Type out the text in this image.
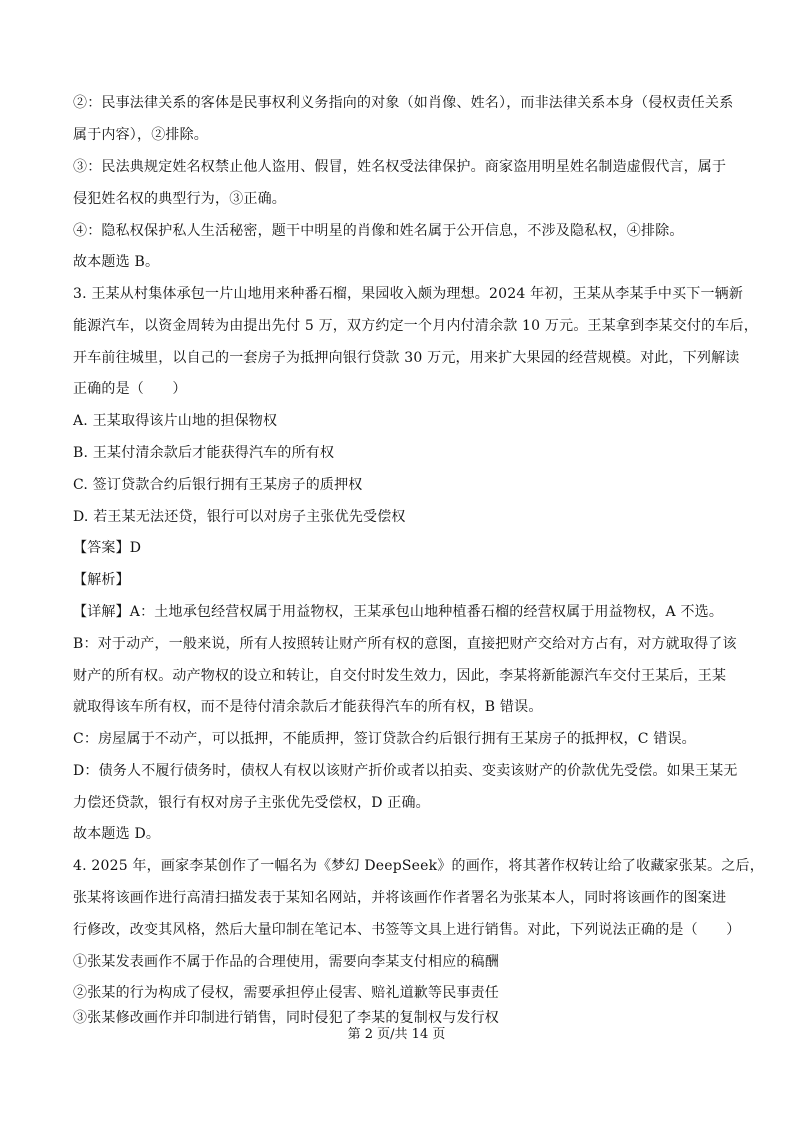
②：民事法律关系的客体是民事权利义务指向的对象（如肖像、姓名），而非法律关系本身（侵权责任关系
属于内容），②排除。
③：民法典规定姓名权禁止他人盗用、假冒，姓名权受法律保护。商家盗用明星姓名制造虚假代言，属于
侵犯姓名权的典型行为，③正确。
④：隐私权保护私人生活秘密，题干中明星的肖像和姓名属于公开信息，不涉及隐私权，④排除。
故本题选 B。
3. 王某从村集体承包一片山地用来种番石榴，果园收入颇为理想。2024 年初，王某从李某手中买下一辆新
能源汽车，以资金周转为由提出先付 5 万，双方约定一个月内付清余款 10 万元。王某拿到李某交付的车后，
开车前往城里，以自己的一套房子为抵押向银行贷款 30 万元，用来扩大果园的经营规模。对此，下列解读
正确的是（　　）
A. 王某取得该片山地的担保物权
B. 王某付清余款后才能获得汽车的所有权
C. 签订贷款合约后银行拥有王某房子的质押权
D. 若王某无法还贷，银行可以对房子主张优先受偿权
【答案】D
【解析】
【详解】A：土地承包经营权属于用益物权，王某承包山地种植番石榴的经营权属于用益物权，A 不选。
B：对于动产，一般来说，所有人按照转让财产所有权的意图，直接把财产交给对方占有，对方就取得了该
财产的所有权。动产物权的设立和转让，自交付时发生效力，因此，李某将新能源汽车交付王某后，王某
就取得该车所有权，而不是待付清余款后才能获得汽车的所有权，B 错误。
C：房屋属于不动产，可以抵押，不能质押，签订贷款合约后银行拥有王某房子的抵押权，C 错误。
D：债务人不履行债务时，债权人有权以该财产折价或者以拍卖、变卖该财产的价款优先受偿。如果王某无
力偿还贷款，银行有权对房子主张优先受偿权，D 正确。
故本题选 D。
4. 2025 年，画家李某创作了一幅名为《梦幻 DeepSeek》的画作，将其著作权转让给了收藏家张某。之后，
张某将该画作进行高清扫描发表于某知名网站，并将该画作作者署名为张某本人，同时将该画作的图案进
行修改，改变其风格，然后大量印制在笔记本、书签等文具上进行销售。对此，下列说法正确的是（　　）
①张某发表画作不属于作品的合理使用，需要向李某支付相应的稿酬
②张某的行为构成了侵权，需要承担停止侵害、赔礼道歉等民事责任
③张某修改画作并印制进行销售，同时侵犯了李某的复制权与发行权
第 2 页/共 14 页
